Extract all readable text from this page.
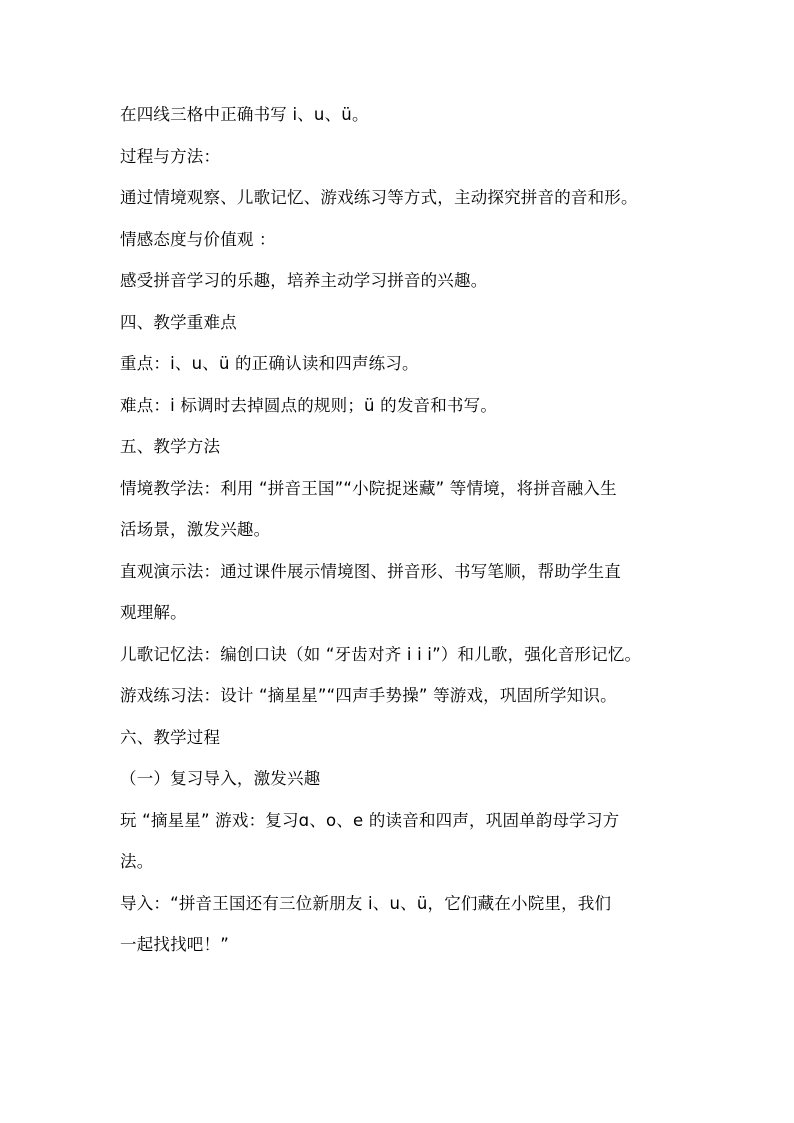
在四线三格中正确书写 i、u、ü。
过程与方法：
通过情境观察、儿歌记忆、游戏练习等方式，主动探究拼音的音和形。
情感态度与价值观 ：
感受拼音学习的乐趣，培养主动学习拼音的兴趣。
四、教学重难点
重点：i、u、ü 的正确认读和四声练习。
难点：i 标调时去掉圆点的规则；ü 的发音和书写。
五、教学方法
情境教学法：利用 “拼音王国”“小院捉迷藏” 等情境，将拼音融入生
活场景，激发兴趣。
直观演示法：通过课件展示情境图、拼音形、书写笔顺，帮助学生直
观理解。
儿歌记忆法：编创口诀（如 “牙齿对齐 i i i”）和儿歌，强化音形记忆。
游戏练习法：设计 “摘星星”“四声手势操” 等游戏，巩固所学知识。
六、教学过程
（一）复习导入，激发兴趣
玩 “摘星星” 游戏：复习ɑ、o、e 的读音和四声，巩固单韵母学习方
法。
导入：“拼音王国还有三位新朋友 i、u、ü，它们藏在小院里，我们
一起找找吧！”
